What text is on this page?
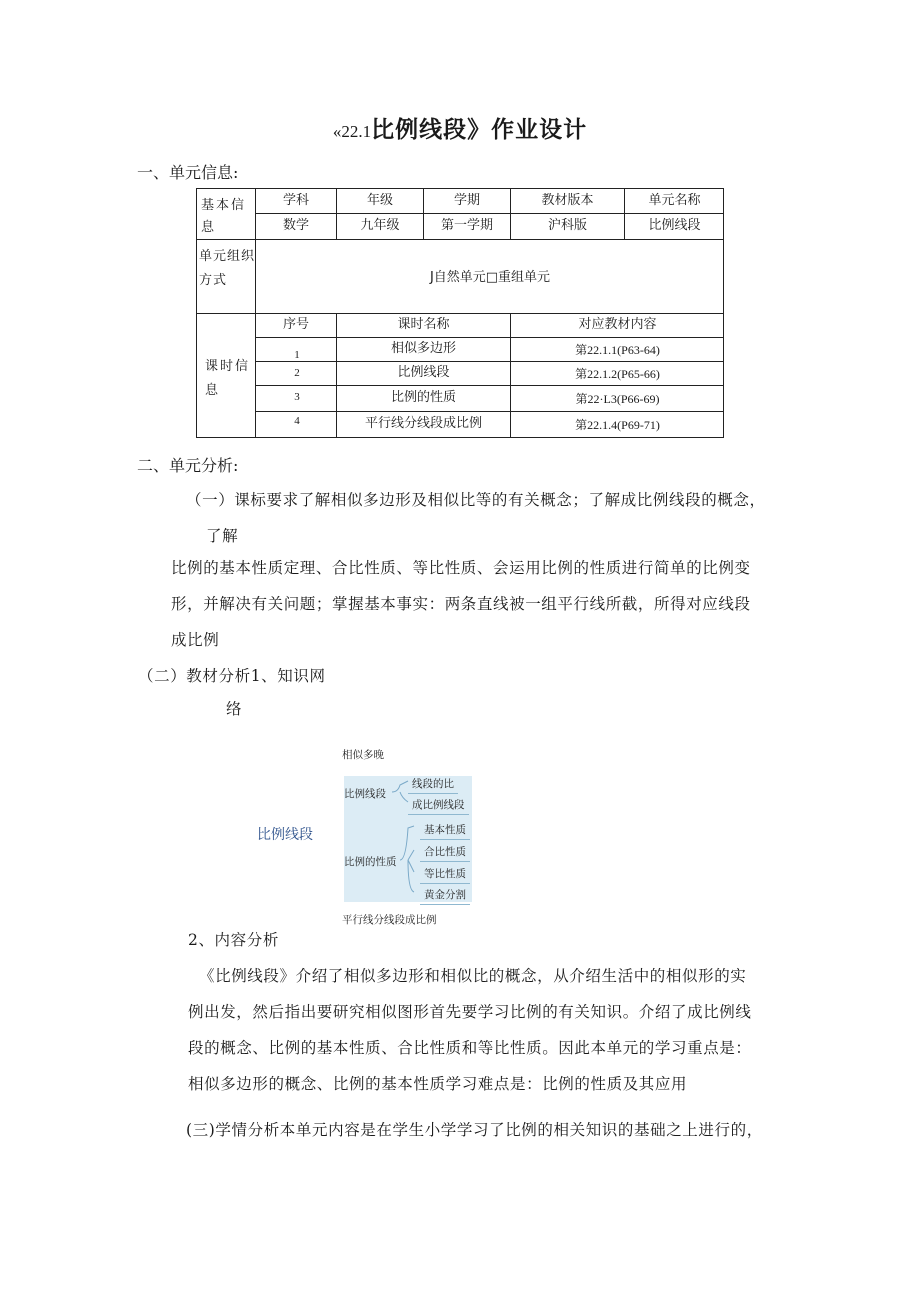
«22.1比例线段》作业设计
一、单元信息:
基本信息
学科	年级	学期	教材版本	单元名称
数学	九年级	第一学期	沪科版	比例线段
单元组织方式	J自然单元□重组单元
课时信息
序号	课时名称	对应教材内容
1	相似多边形	第22.1.1(P63-64)
2	比例线段	第22.1.2(P65-66)
3	比例的性质	第22·L3(P66-69)
4	平行线分线段成比例	第22.1.4(P69-71)
二、单元分析:
（一）课标要求了解相似多边形及相似比等的有关概念；了解成比例线段的概念，
了解
比例的基本性质定理、合比性质、等比性质、会运用比例的性质进行简单的比例变
形，并解决有关问题；掌握基本事实：两条直线被一组平行线所截，所得对应线段
成比例
（二）教材分析1、知识网
络
相似多晚
比例线段
比例线段
线段的比
成比例线段
比例的性质
基本性质
合比性质
等比性质
黄金分割
平行线分线段成比例
2、内容分析
《比例线段》介绍了相似多边形和相似比的概念，从介绍生活中的相似形的实
例出发，然后指出要研究相似图形首先要学习比例的有关知识。介绍了成比例线
段的概念、比例的基本性质、合比性质和等比性质。因此本单元的学习重点是：
相似多边形的概念、比例的基本性质学习难点是：比例的性质及其应用
(三)学情分析本单元内容是在学生小学学习了比例的相关知识的基础之上进行的，
